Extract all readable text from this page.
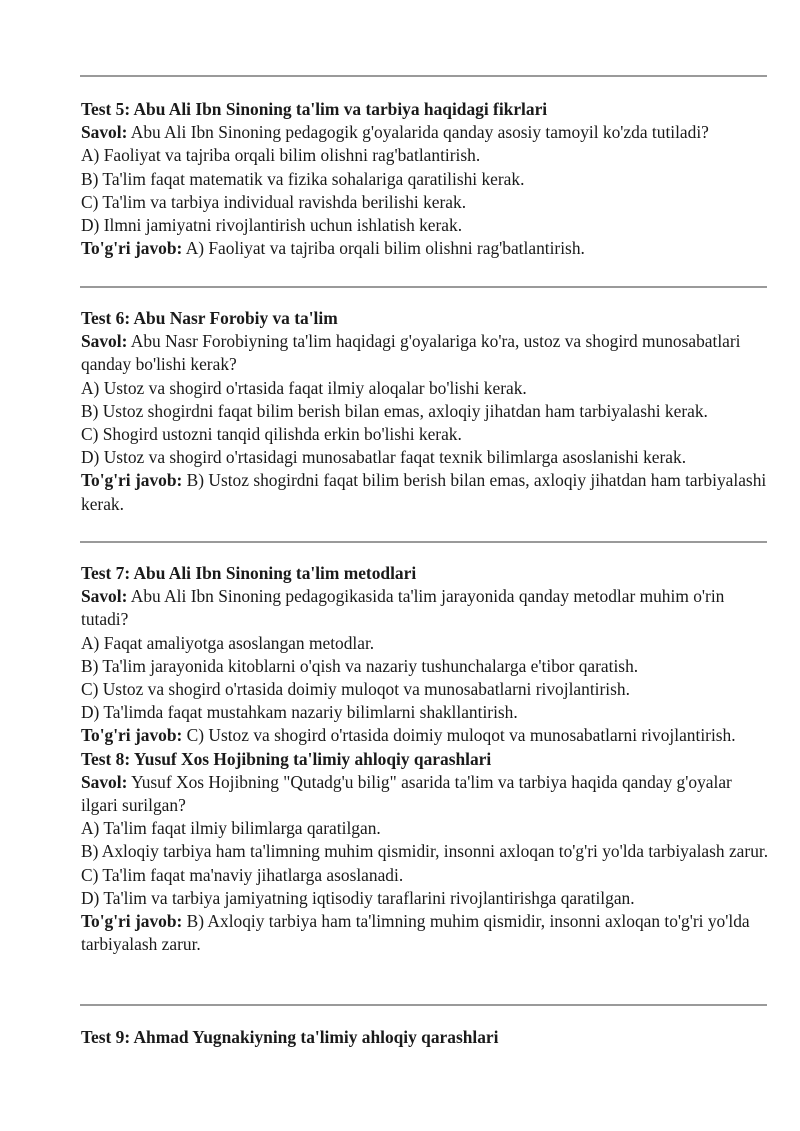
Test 5: Abu Ali Ibn Sinoning ta'lim va tarbiya haqidagi fikrlari

Savol: Abu Ali Ibn Sinoning pedagogik g'oyalarida qanday asosiy tamoyil ko'zda tutiladi?

A) Faoliyat va tajriba orqali bilim olishni rag'batlantirish.

B) Ta'lim faqat matematik va fizika sohalariga qaratilishi kerak.

C) Ta'lim va tarbiya individual ravishda berilishi kerak.

D) Ilmni jamiyatni rivojlantirish uchun ishlatish kerak.

To'g'ri javob: A) Faoliyat va tajriba orqali bilim olishni rag'batlantirish.

Test 6: Abu Nasr Forobiy va ta'lim

Savol: Abu Nasr Forobiyning ta'lim haqidagi g'oyalariga ko'ra, ustoz va shogird munosabatlari qanday bo'lishi kerak?

A) Ustoz va shogird o'rtasida faqat ilmiy aloqalar bo'lishi kerak.

B) Ustoz shogirdni faqat bilim berish bilan emas, axloqiy jihatdan ham tarbiyalashi kerak.

C) Shogird ustozni tanqid qilishda erkin bo'lishi kerak.

D) Ustoz va shogird o'rtasidagi munosabatlar faqat texnik bilimlarga asoslanishi kerak.

To'g'ri javob: B) Ustoz shogirdni faqat bilim berish bilan emas, axloqiy jihatdan ham tarbiyalashi kerak.

Test 7: Abu Ali Ibn Sinoning ta'lim metodlari

Savol: Abu Ali Ibn Sinoning pedagogikasida ta'lim jarayonida qanday metodlar muhim o'rin tutadi?

A) Faqat amaliyotga asoslangan metodlar.

B) Ta'lim jarayonida kitoblarni o'qish va nazariy tushunchalarga e'tibor qaratish.

C) Ustoz va shogird o'rtasida doimiy muloqot va munosabatlarni rivojlantirish.

D) Ta'limda faqat mustahkam nazariy bilimlarni shakllantirish.

To'g'ri javob: C) Ustoz va shogird o'rtasida doimiy muloqot va munosabatlarni rivojlantirish.

Test 8: Yusuf Xos Hojibning ta'limiy ahloqiy qarashlari

Savol: Yusuf Xos Hojibning "Qutadg'u bilig" asarida ta'lim va tarbiya haqida qanday g'oyalar ilgari surilgan?

A) Ta'lim faqat ilmiy bilimlarga qaratilgan.

B) Axloqiy tarbiya ham ta'limning muhim qismidir, insonni axloqan to'g'ri yo'lda tarbiyalash zarur.

C) Ta'lim faqat ma'naviy jihatlarga asoslanadi.

D) Ta'lim va tarbiya jamiyatning iqtisodiy taraflarini rivojlantirishga qaratilgan.

To'g'ri javob: B) Axloqiy tarbiya ham ta'limning muhim qismidir, insonni axloqan to'g'ri yo'lda tarbiyalash zarur.

Test 9: Ahmad Yugnakiyning ta'limiy ahloqiy qarashlari
